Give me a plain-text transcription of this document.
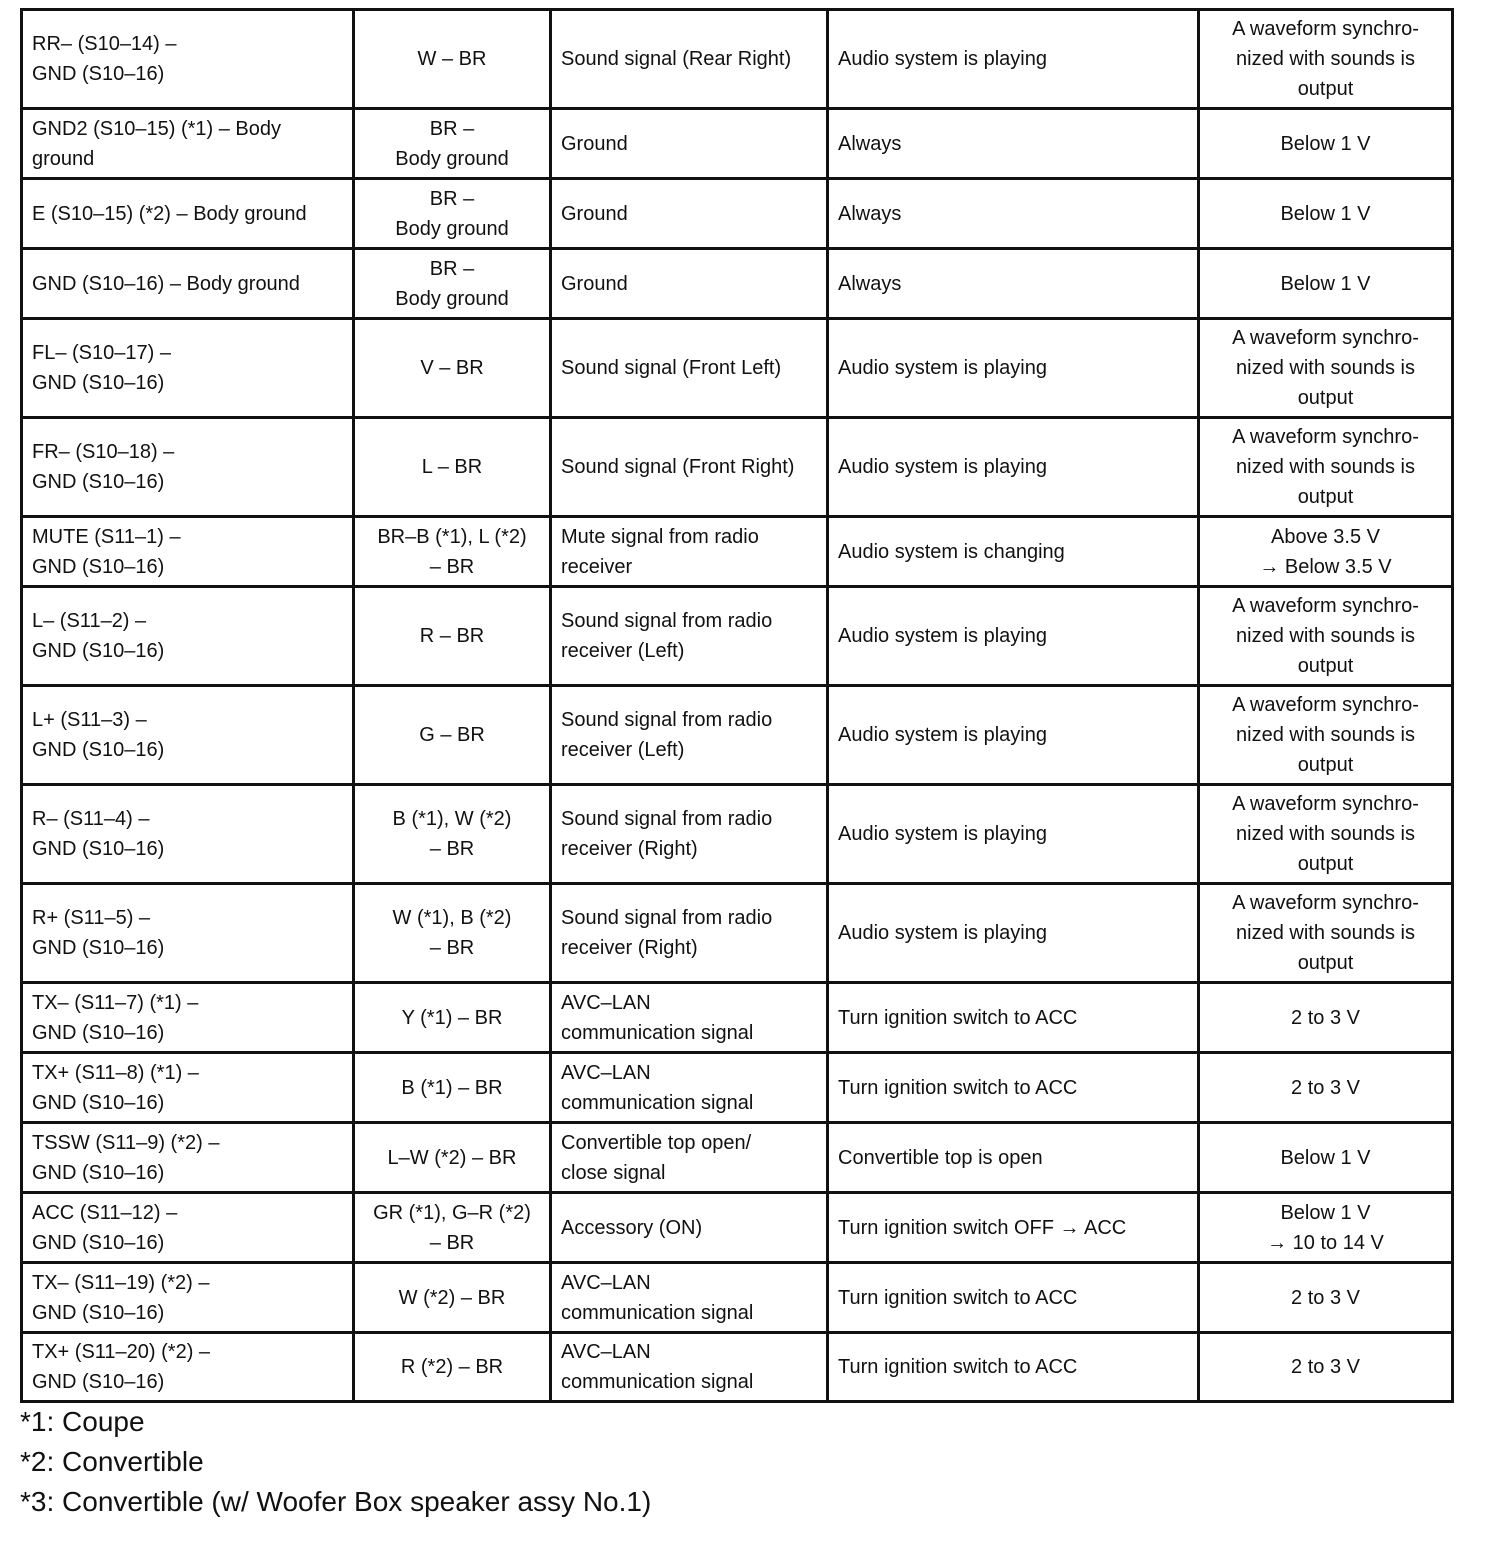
RR– (S10–14) –
GND (S10–16)	W – BR	Sound signal (Rear Right)	Audio system is playing	A waveform synchro-
nized with sounds is
output

GND2 (S10–15) (*1) – Body
ground	BR –
Body ground	Ground	Always	Below 1 V

E (S10–15) (*2) – Body ground	BR –
Body ground	Ground	Always	Below 1 V

GND (S10–16) – Body ground	BR –
Body ground	Ground	Always	Below 1 V

FL– (S10–17) –
GND (S10–16)	V – BR	Sound signal (Front Left)	Audio system is playing	A waveform synchro-
nized with sounds is
output

FR– (S10–18) –
GND (S10–16)	L – BR	Sound signal (Front Right)	Audio system is playing	A waveform synchro-
nized with sounds is
output

MUTE (S11–1) –
GND (S10–16)	BR–B (*1), L (*2)
– BR	Mute signal from radio
receiver	Audio system is changing	Above 3.5 V
→ Below 3.5 V

L– (S11–2) –
GND (S10–16)	R – BR	Sound signal from radio
receiver (Left)	Audio system is playing	A waveform synchro-
nized with sounds is
output

L+ (S11–3) –
GND (S10–16)	G – BR	Sound signal from radio
receiver (Left)	Audio system is playing	A waveform synchro-
nized with sounds is
output

R– (S11–4) –
GND (S10–16)	B (*1), W (*2)
– BR	Sound signal from radio
receiver (Right)	Audio system is playing	A waveform synchro-
nized with sounds is
output

R+ (S11–5) –
GND (S10–16)	W (*1), B (*2)
– BR	Sound signal from radio
receiver (Right)	Audio system is playing	A waveform synchro-
nized with sounds is
output

TX– (S11–7) (*1) –
GND (S10–16)	Y (*1) – BR	AVC–LAN
communication signal	Turn ignition switch to ACC	2 to 3 V

TX+ (S11–8) (*1) –
GND (S10–16)	B (*1) – BR	AVC–LAN
communication signal	Turn ignition switch to ACC	2 to 3 V

TSSW (S11–9) (*2) –
GND (S10–16)	L–W (*2) – BR	Convertible top open/
close signal	Convertible top is open	Below 1 V

ACC (S11–12) –
GND (S10–16)	GR (*1), G–R (*2)
– BR	Accessory (ON)	Turn ignition switch OFF → ACC	Below 1 V
→ 10 to 14 V

TX– (S11–19) (*2) –
GND (S10–16)	W (*2) – BR	AVC–LAN
communication signal	Turn ignition switch to ACC	2 to 3 V

TX+ (S11–20) (*2) –
GND (S10–16)	R (*2) – BR	AVC–LAN
communication signal	Turn ignition switch to ACC	2 to 3 V
*1: Coupe
*2: Convertible
*3: Convertible (w/ Woofer Box speaker assy No.1)
